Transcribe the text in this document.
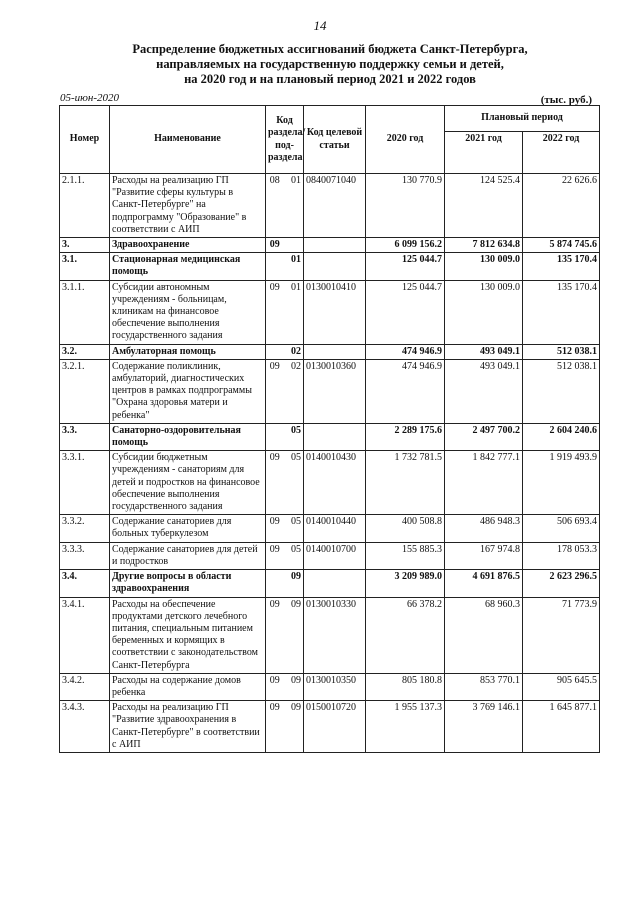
14
Распределение бюджетных ассигнований бюджета Санкт-Петербурга,
направляемых на государственную поддержку семьи и детей,
на 2020 год и на плановый период 2021 и 2022 годов
05-июн-2020	(тыс. руб.)
Номер	Наименование	Код раздела/ под- раздела		Код целевой статьи	2020 год	Плановый период	
						2021 год	2022 год
2.1.1.	Расходы на реализацию ГП "Развитие сферы культуры в Санкт-Петербурге" на подпрограмму "Образование" в соответствии с АИП	08	01	0840071040	130 770.9	124 525.4	22 626.6
3.	Здравоохранение	09			6 099 156.2	7 812 634.8	5 874 745.6
3.1.	Стационарная медицинская помощь		01		125 044.7	130 009.0	135 170.4
3.1.1.	Субсидии автономным учреждениям - больницам, клиникам на финансовое обеспечение выполнения государственного задания	09	01	0130010410	125 044.7	130 009.0	135 170.4
3.2.	Амбулаторная помощь		02		474 946.9	493 049.1	512 038.1
3.2.1.	Содержание поликлиник, амбулаторий, диагностических центров в рамках подпрограммы "Охрана здоровья матери и ребенка"	09	02	0130010360	474 946.9	493 049.1	512 038.1
3.3.	Санаторно-оздоровительная помощь		05		2 289 175.6	2 497 700.2	2 604 240.6
3.3.1.	Субсидии бюджетным учреждениям - санаториям для детей и подростков на финансовое обеспечение выполнения государственного задания	09	05	0140010430	1 732 781.5	1 842 777.1	1 919 493.9
3.3.2.	Содержание санаториев для больных туберкулезом	09	05	0140010440	400 508.8	486 948.3	506 693.4
3.3.3.	Содержание санаториев для детей и подростков	09	05	0140010700	155 885.3	167 974.8	178 053.3
3.4.	Другие вопросы в области здравоохранения		09		3 209 989.0	4 691 876.5	2 623 296.5
3.4.1.	Расходы на обеспечение продуктами детского лечебного питания, специальным питанием беременных и кормящих в соответствии с законодательством Санкт-Петербурга	09	09	0130010330	66 378.2	68 960.3	71 773.9
3.4.2.	Расходы на содержание домов ребенка	09	09	0130010350	805 180.8	853 770.1	905 645.5
3.4.3.	Расходы на реализацию ГП "Развитие здравоохранения в Санкт-Петербурге" в соответствии с АИП	09	09	0150010720	1 955 137.3	3 769 146.1	1 645 877.1
